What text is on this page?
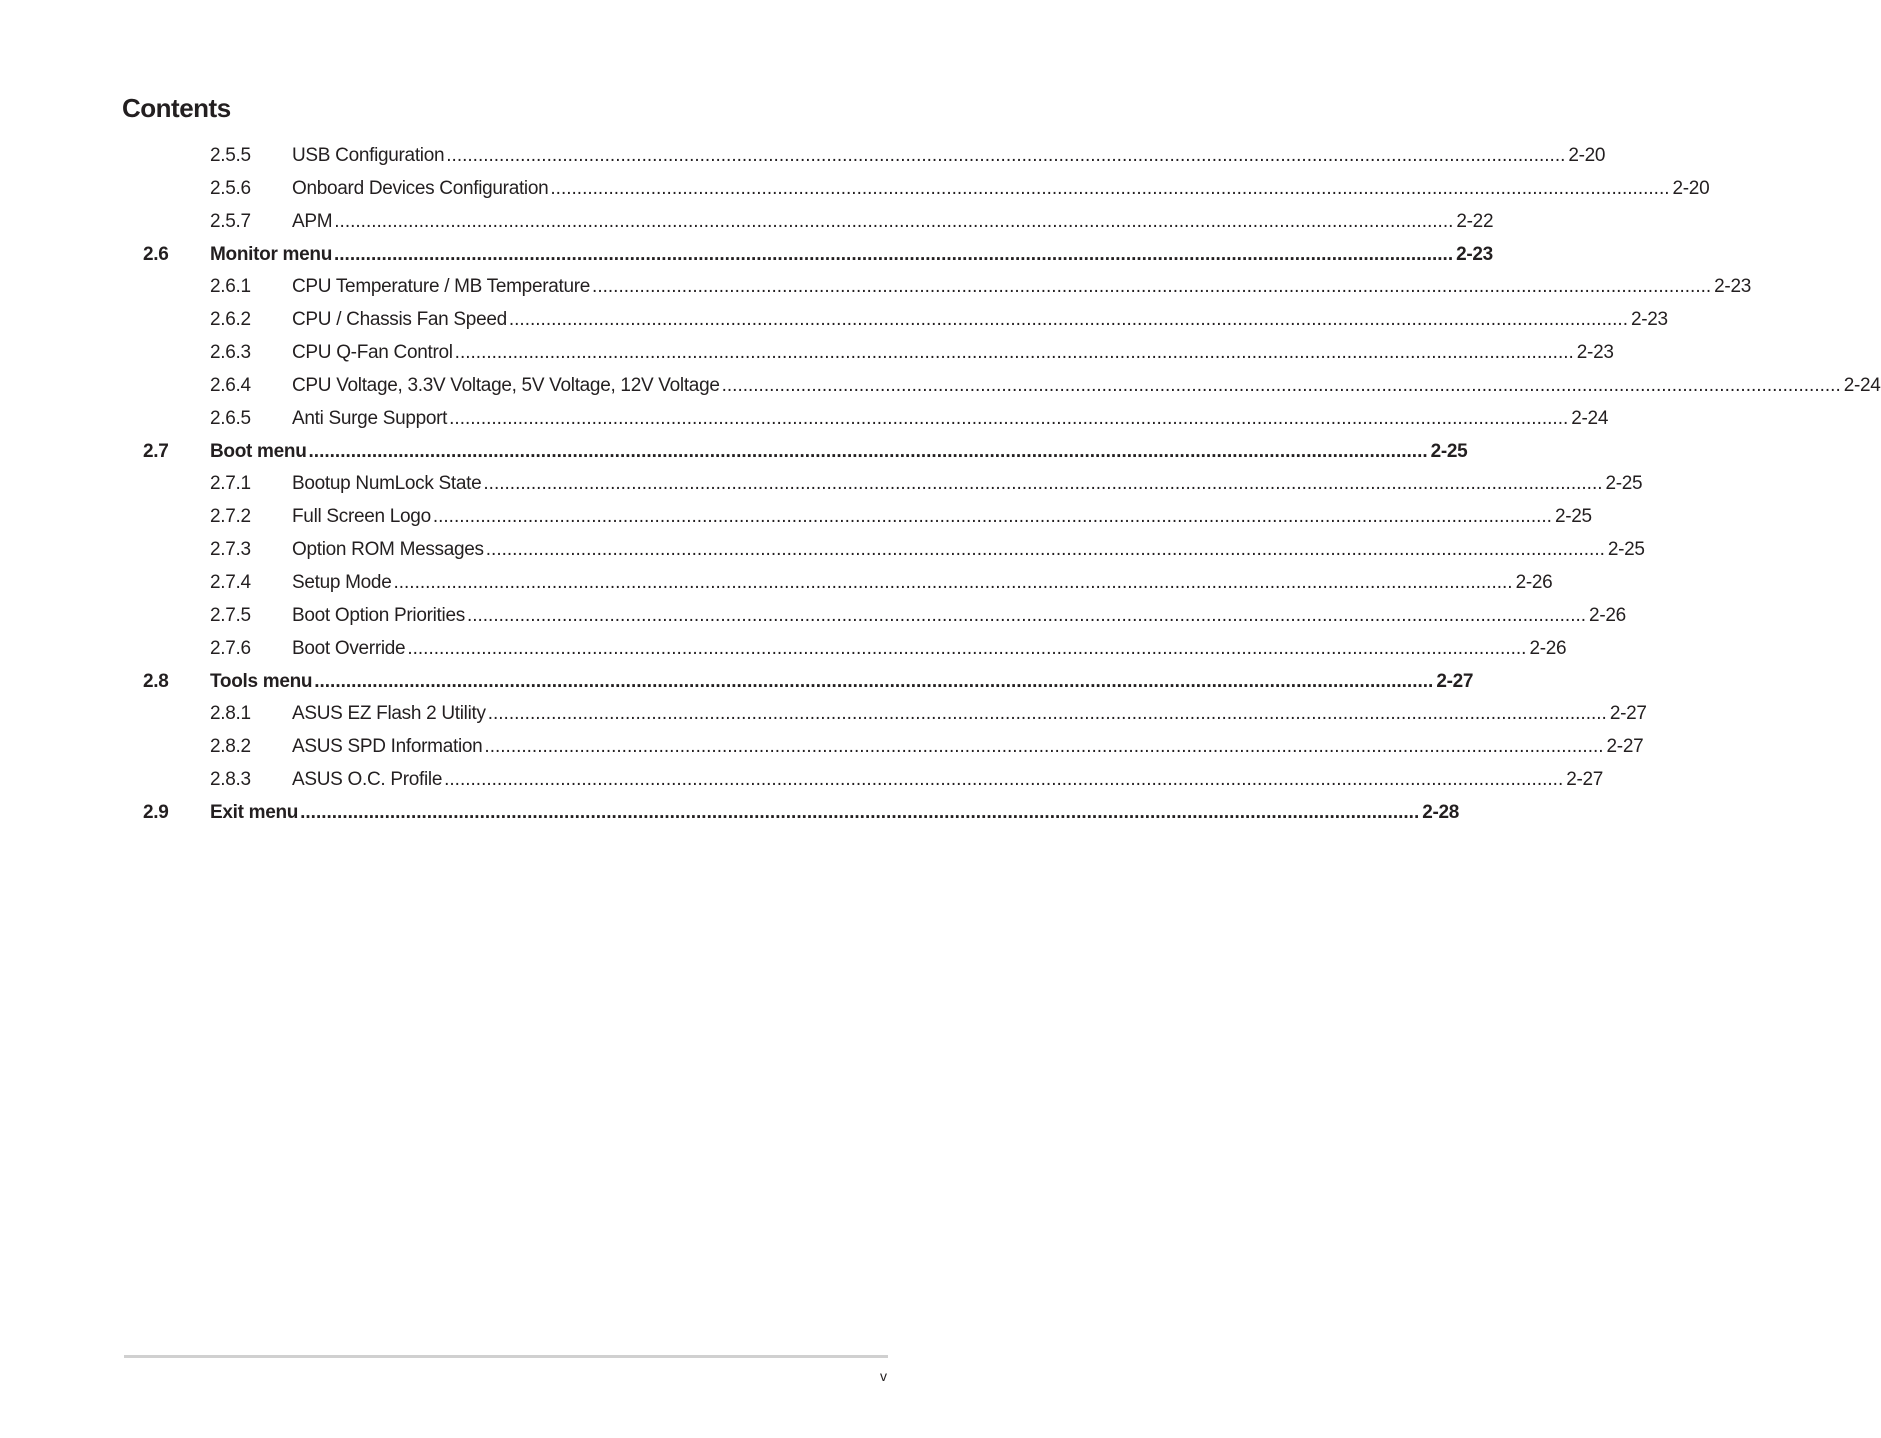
Contents
2.5.5 USB Configuration .................................................................................................................................................................................................................... 2-20
2.5.6 Onboard Devices Configuration .................................................................................................................................................................................................................... 2-20
2.5.7 APM .................................................................................................................................................................................................................... 2-22
2.6 Monitor menu .................................................................................................................................................................................................................... 2-23
2.6.1 CPU Temperature / MB Temperature .................................................................................................................................................................................................................... 2-23
2.6.2 CPU / Chassis Fan Speed .................................................................................................................................................................................................................... 2-23
2.6.3 CPU Q-Fan Control .................................................................................................................................................................................................................... 2-23
2.6.4 CPU Voltage, 3.3V Voltage, 5V Voltage, 12V Voltage .................................................................................................................................................................................................................... 2-24
2.6.5 Anti Surge Support .................................................................................................................................................................................................................... 2-24
2.7 Boot menu .................................................................................................................................................................................................................... 2-25
2.7.1 Bootup NumLock State .................................................................................................................................................................................................................... 2-25
2.7.2 Full Screen Logo .................................................................................................................................................................................................................... 2-25
2.7.3 Option ROM Messages .................................................................................................................................................................................................................... 2-25
2.7.4 Setup Mode .................................................................................................................................................................................................................... 2-26
2.7.5 Boot Option Priorities .................................................................................................................................................................................................................... 2-26
2.7.6 Boot Override .................................................................................................................................................................................................................... 2-26
2.8 Tools menu .................................................................................................................................................................................................................... 2-27
2.8.1 ASUS EZ Flash 2 Utility .................................................................................................................................................................................................................... 2-27
2.8.2 ASUS SPD Information .................................................................................................................................................................................................................... 2-27
2.8.3 ASUS O.C. Profile .................................................................................................................................................................................................................... 2-27
2.9 Exit menu .................................................................................................................................................................................................................... 2-28
v
